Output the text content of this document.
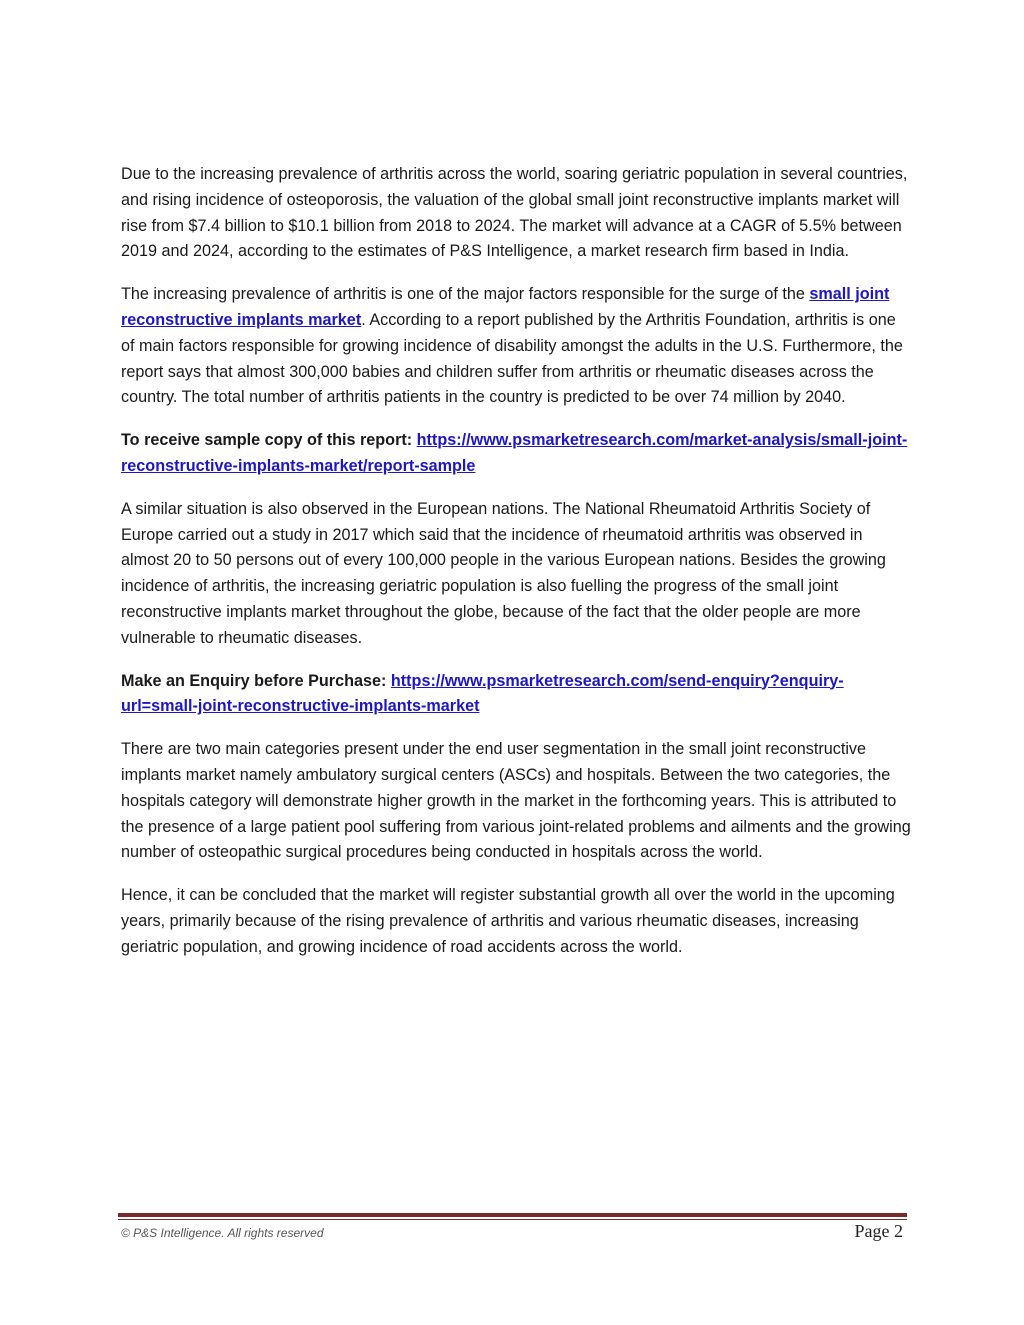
Due to the increasing prevalence of arthritis across the world, soaring geriatric population in several countries, and rising incidence of osteoporosis, the valuation of the global small joint reconstructive implants market will rise from $7.4 billion to $10.1 billion from 2018 to 2024. The market will advance at a CAGR of 5.5% between 2019 and 2024, according to the estimates of P&S Intelligence, a market research firm based in India.

The increasing prevalence of arthritis is one of the major factors responsible for the surge of the small joint reconstructive implants market. According to a report published by the Arthritis Foundation, arthritis is one of main factors responsible for growing incidence of disability amongst the adults in the U.S. Furthermore, the report says that almost 300,000 babies and children suffer from arthritis or rheumatic diseases across the country. The total number of arthritis patients in the country is predicted to be over 74 million by 2040.

To receive sample copy of this report: https://www.psmarketresearch.com/market-analysis/small-joint-reconstructive-implants-market/report-sample

A similar situation is also observed in the European nations. The National Rheumatoid Arthritis Society of Europe carried out a study in 2017 which said that the incidence of rheumatoid arthritis was observed in almost 20 to 50 persons out of every 100,000 people in the various European nations. Besides the growing incidence of arthritis, the increasing geriatric population is also fuelling the progress of the small joint reconstructive implants market throughout the globe, because of the fact that the older people are more vulnerable to rheumatic diseases.

Make an Enquiry before Purchase: https://www.psmarketresearch.com/send-enquiry?enquiry-url=small-joint-reconstructive-implants-market

There are two main categories present under the end user segmentation in the small joint reconstructive implants market namely ambulatory surgical centers (ASCs) and hospitals. Between the two categories, the hospitals category will demonstrate higher growth in the market in the forthcoming years. This is attributed to the presence of a large patient pool suffering from various joint-related problems and ailments and the growing number of osteopathic surgical procedures being conducted in hospitals across the world.

Hence, it can be concluded that the market will register substantial growth all over the world in the upcoming years, primarily because of the rising prevalence of arthritis and various rheumatic diseases, increasing geriatric population, and growing incidence of road accidents across the world.

© P&S Intelligence. All rights reserved	Page 2
